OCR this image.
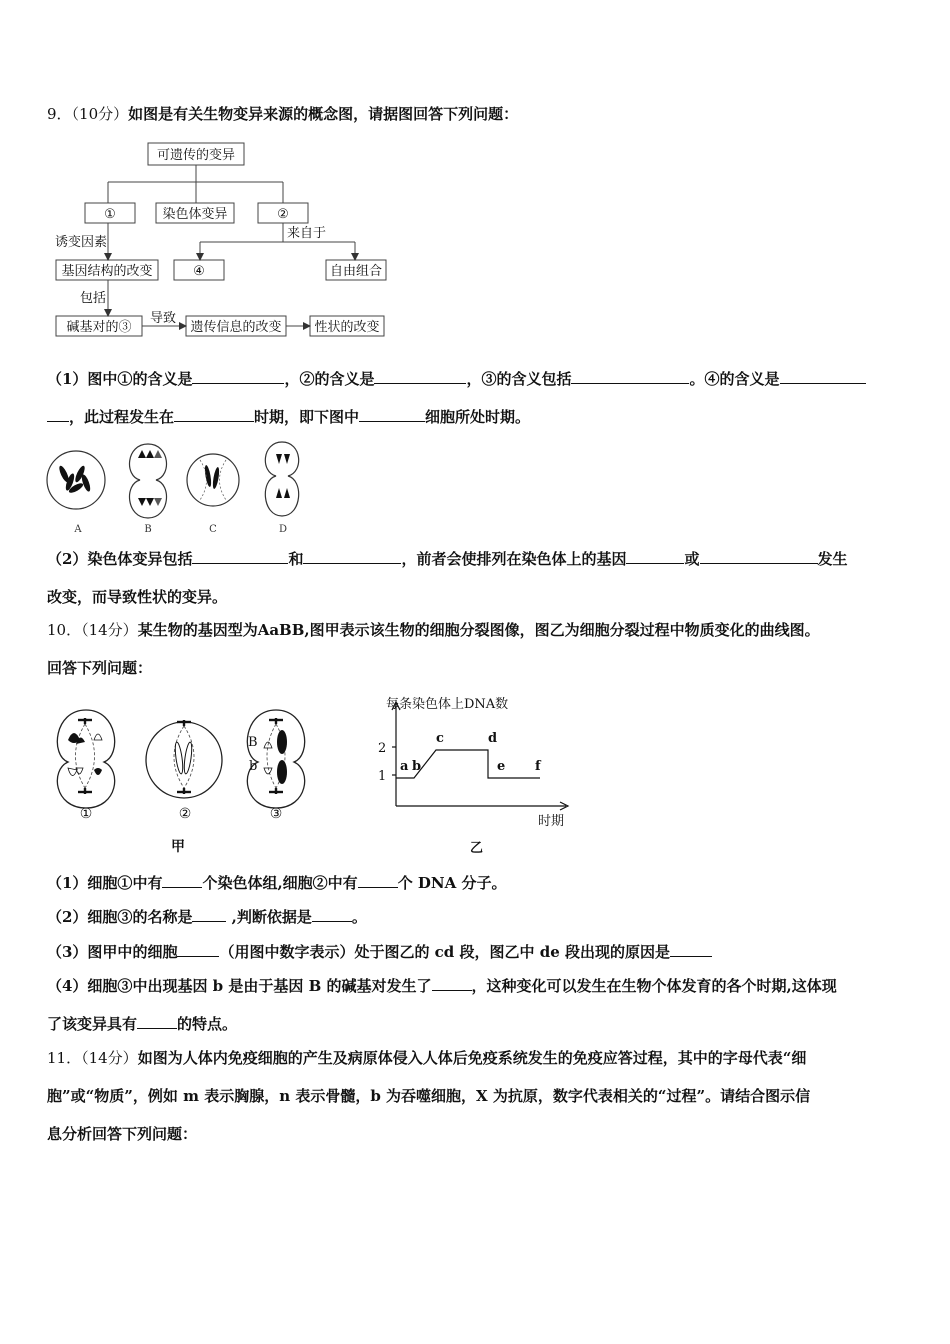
9．（10分）如图是有关生物变异来源的概念图，请据图回答下列问题：
可遗传的变异
①	染色体变异	②
基因结构的改变	④	自由组合
碱基对的③	遗传信息的改变	性状的改变
诱变因素
来自于
包括
导致
（1）图中①的含义是	，②的含义是	，③的含义包括	。④的含义是
，此过程发生在	时期，即下图中	细胞所处时期。
A	B	C	D
（2）染色体变异包括	和	，前者会使排列在染色体上的基因	或	发生
改变，而导致性状的变异。
10．（14分）某生物的基因型为AaBB,图甲表示该生物的细胞分裂图像，图乙为细胞分裂过程中物质变化的曲线图。
回答下列问题：
B
b
①	②	③
甲
每条染色体上DNA数
2
1
时期
乙
a b
c	d
e f
（1）细胞①中有	个染色体组,细胞②中有	个 DNA 分子。
（2）细胞③的名称是 ,判断依据是	。
（3）图甲中的细胞	（用图中数字表示）处于图乙的 cd 段，图乙中 de 段出现的原因是
（4）细胞③中出现基因 b 是由于基因 B 的碱基对发生了	，这种变化可以发生在生物个体发育的各个时期,这体现
了该变异具有	的特点。
11．（14分）如图为人体内免疫细胞的产生及病原体侵入人体后免疫系统发生的免疫应答过程，其中的字母代表“细
胞”或“物质”，例如 m 表示胸腺，n 表示骨髓，b 为吞噬细胞，X 为抗原，数字代表相关的“过程”。请结合图示信
息分析回答下列问题：
